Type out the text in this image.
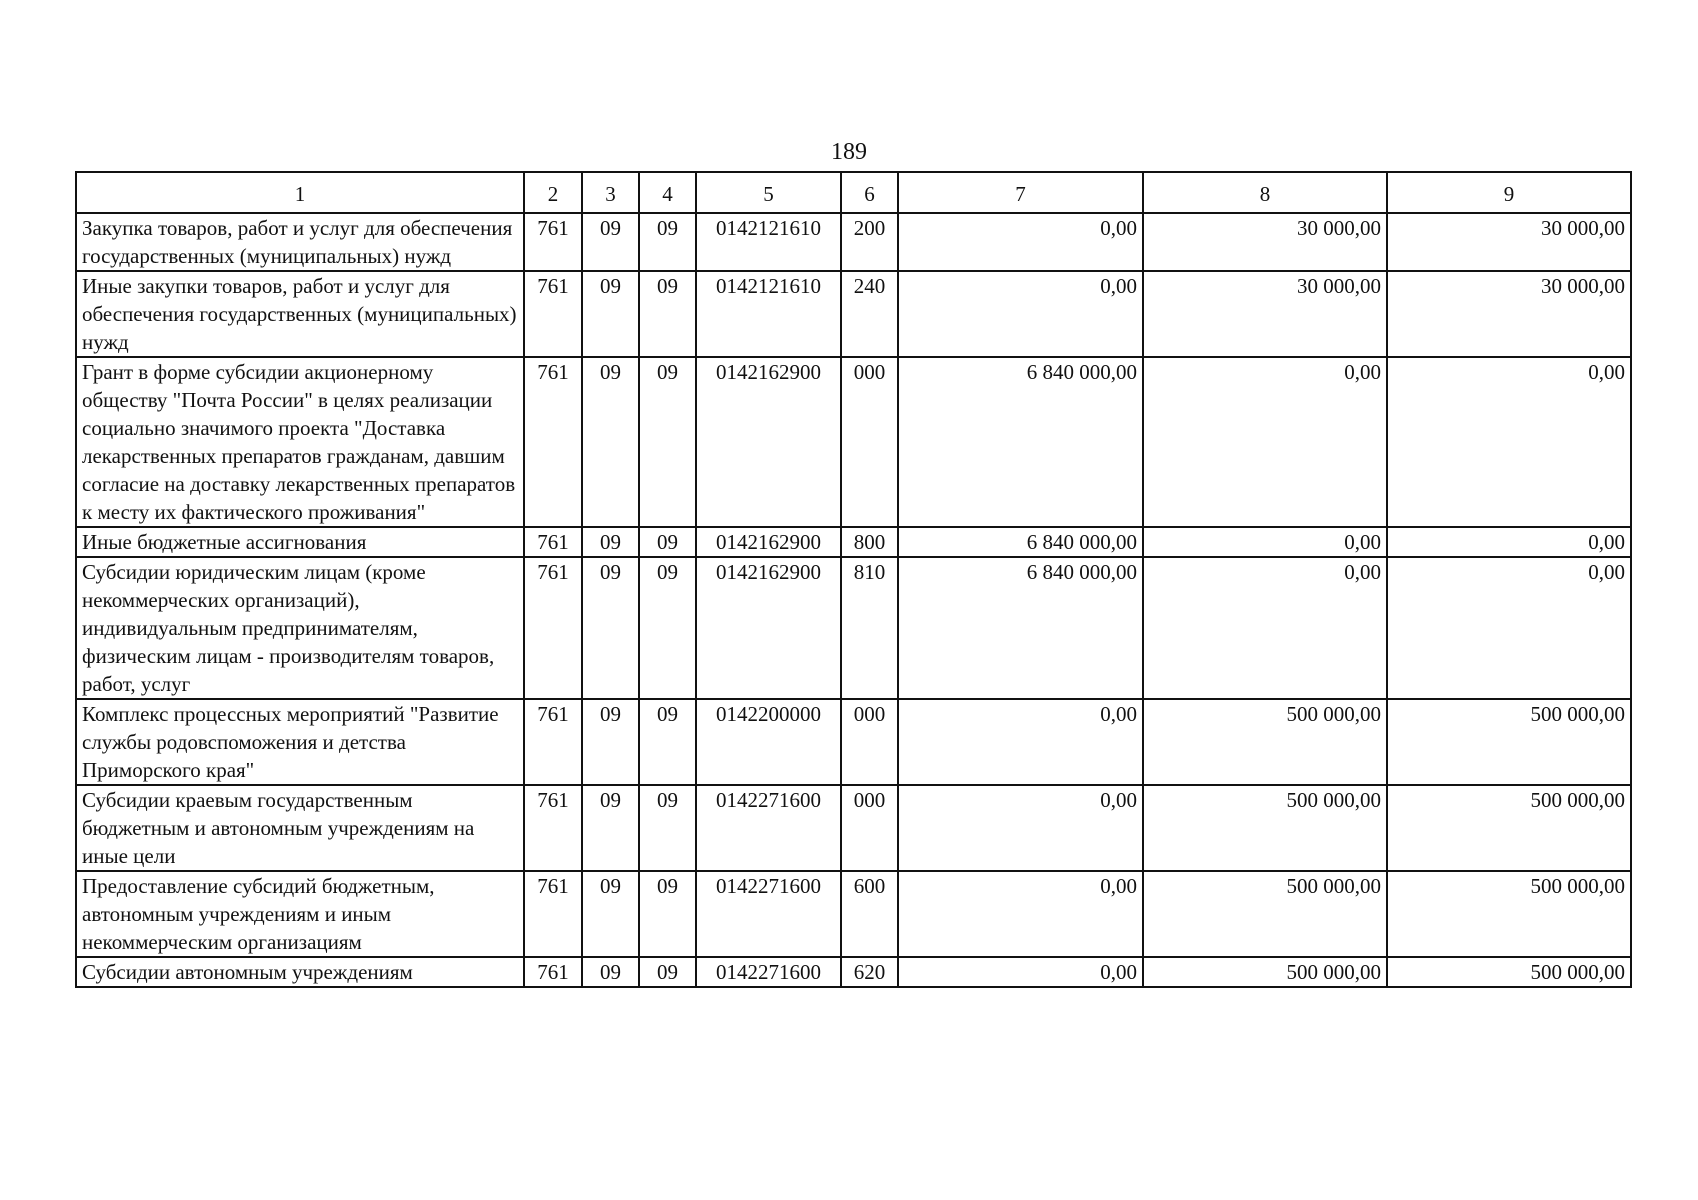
189
1	2	3	4	5	6	7	8	9
Закупка товаров, работ и услуг для обеспечения государственных (муниципальных) нужд	761	09	09	0142121610	200	0,00	30 000,00	30 000,00
Иные закупки товаров, работ и услуг для обеспечения государственных (муниципальных) нужд	761	09	09	0142121610	240	0,00	30 000,00	30 000,00
Грант в форме субсидии акционерному обществу "Почта России" в целях реализации социально значимого проекта "Доставка лекарственных препаратов гражданам, давшим согласие на доставку лекарственных препаратов к месту их фактического проживания"	761	09	09	0142162900	000	6 840 000,00	0,00	0,00
Иные бюджетные ассигнования	761	09	09	0142162900	800	6 840 000,00	0,00	0,00
Субсидии юридическим лицам (кроме некоммерческих организаций), индивидуальным предпринимателям, физическим лицам - производителям товаров, работ, услуг	761	09	09	0142162900	810	6 840 000,00	0,00	0,00
Комплекс процессных мероприятий "Развитие службы родовспоможения и детства Приморского края"	761	09	09	0142200000	000	0,00	500 000,00	500 000,00
Субсидии краевым государственным бюджетным и автономным учреждениям на иные цели	761	09	09	0142271600	000	0,00	500 000,00	500 000,00
Предоставление субсидий бюджетным, автономным учреждениям и иным некоммерческим организациям	761	09	09	0142271600	600	0,00	500 000,00	500 000,00
Субсидии автономным учреждениям	761	09	09	0142271600	620	0,00	500 000,00	500 000,00
